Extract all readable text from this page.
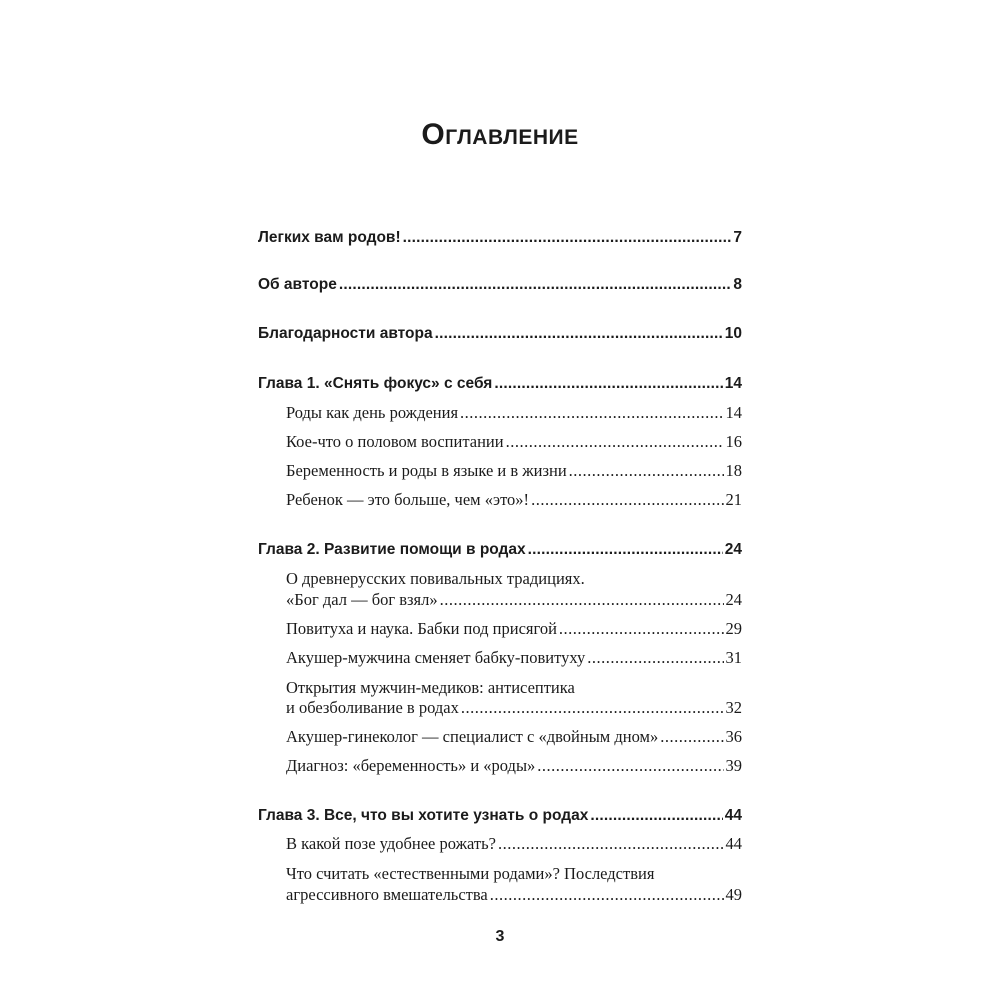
Оглавление
Легких вам родов! .....	7
Об авторе .....	8
Благодарности автора .....	10
Глава 1. «Снять фокус» с себя .....	14
Роды как день рождения .....	14
Кое-что о половом воспитании .....	16
Беременность и роды в языке и в жизни .....	18
Ребенок — это больше, чем «это»! .....	21
Глава 2. Развитие помощи в родах .....	24
О древнерусских повивальных традициях.
«Бог дал — бог взял» .....	24
Повитуха и наука. Бабки под присягой .....	29
Акушер-мужчина сменяет бабку-повитуху .....	31
Открытия мужчин-медиков: антисептика
и обезболивание в родах .....	32
Акушер-гинеколог — специалист с «двойным дном» .....	36
Диагноз: «беременность» и «роды» .....	39
Глава 3. Все, что вы хотите узнать о родах .....	44
В какой позе удобнее рожать? .....	44
Что считать «естественными родами»? Последствия
агрессивного вмешательства .....	49
3
